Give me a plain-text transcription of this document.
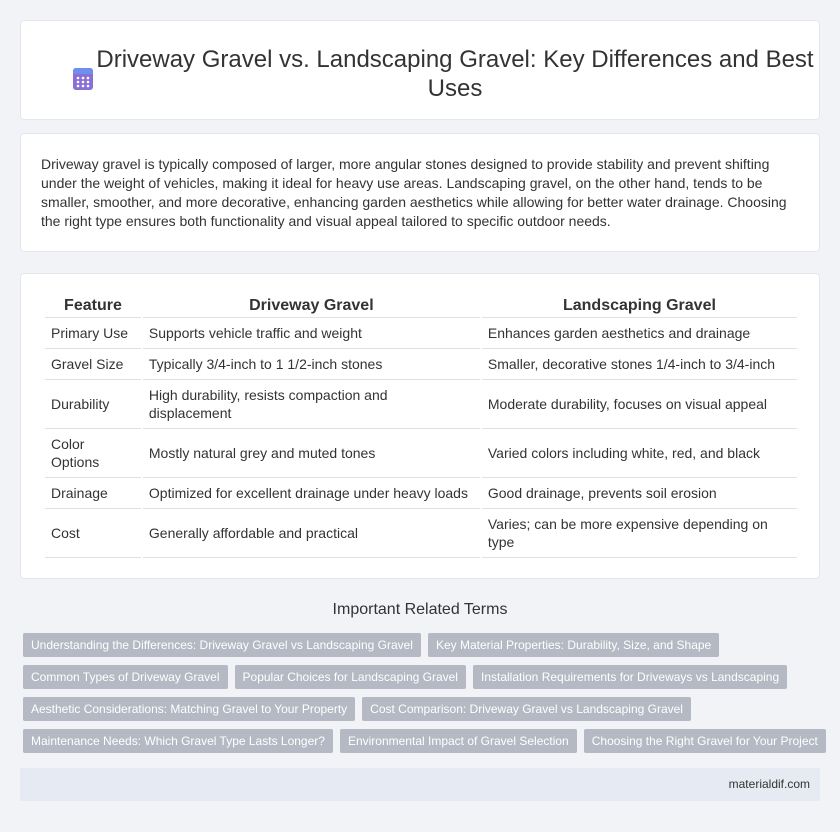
Driveway Gravel vs. Landscaping Gravel: Key Differences and Best Uses

Driveway gravel is typically composed of larger, more angular stones designed to provide stability and prevent shifting under the weight of vehicles, making it ideal for heavy use areas. Landscaping gravel, on the other hand, tends to be smaller, smoother, and more decorative, enhancing garden aesthetics while allowing for better water drainage. Choosing the right type ensures both functionality and visual appeal tailored to specific outdoor needs.

Feature	Driveway Gravel	Landscaping Gravel
Primary Use	Supports vehicle traffic and weight	Enhances garden aesthetics and drainage
Gravel Size	Typically 3/4-inch to 1 1/2-inch stones	Smaller, decorative stones 1/4-inch to 3/4-inch
Durability	High durability, resists compaction and displacement	Moderate durability, focuses on visual appeal
Color Options	Mostly natural grey and muted tones	Varied colors including white, red, and black
Drainage	Optimized for excellent drainage under heavy loads	Good drainage, prevents soil erosion
Cost	Generally affordable and practical	Varies; can be more expensive depending on type
Important Related Terms
Understanding the Differences: Driveway Gravel vs Landscaping Gravel	Key Material Properties: Durability, Size, and Shape
Common Types of Driveway Gravel	Popular Choices for Landscaping Gravel	Installation Requirements for Driveways vs Landscaping
Aesthetic Considerations: Matching Gravel to Your Property	Cost Comparison: Driveway Gravel vs Landscaping Gravel
Maintenance Needs: Which Gravel Type Lasts Longer?	Environmental Impact of Gravel Selection	Choosing the Right Gravel for Your Project
materialdif.com
